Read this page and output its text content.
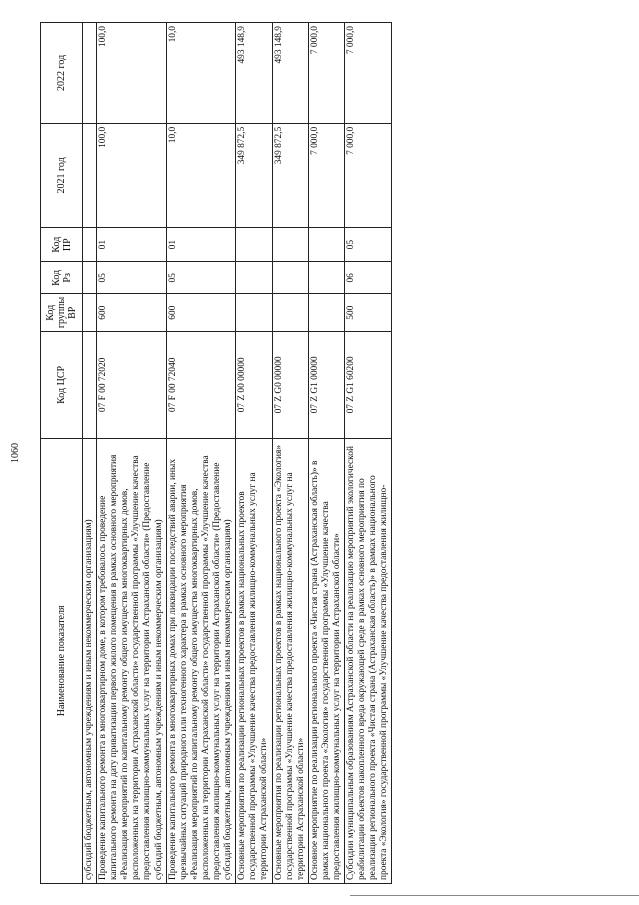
1060
Наименование показателя	Код ЦСР	Код группы ВР	Код Рз	Код ПР	2021 год	2022 год
субсидий бюджетным, автономным учреждениям и иным некоммерческим организациям)						
Проведение капитального ремонта в многоквартирном доме, в котором требовалось проведение капитального ремонта на дату приватизации первого жилого помещения в рамках основного мероприятия «Реализация мероприятий по капитальному ремонту общего имущества многоквартирных домов, расположенных на территории Астраханской области» государственной программы «Улучшение качества предоставления жилищно-коммунальных услуг на территории Астраханской области» (Предоставление субсидий бюджетным, автономным учреждениям и иным некоммерческим организациям)	07 F 00 72020	600	05	01	100,0	100,0
Проведение капитального ремонта в многоквартирных домах при ликвидации последствий аварии, иных чрезвычайных ситуаций природного или техногенного характера в рамках основного мероприятия «Реализация мероприятий по капитальному ремонту общего имущества многоквартирных домов, расположенных на территории Астраханской области» государственной программы «Улучшение качества предоставления жилищно-коммунальных услуг на территории Астраханской области» (Предоставление субсидий бюджетным, автономным учреждениям и иным некоммерческим организациям)	07 F 00 72040	600	05	01	10,0	10,0
Основные мероприятия по реализации региональных проектов в рамках национальных проектов государственной программы «Улучшение качества предоставления жилищно-коммунальных услуг на территории Астраханской области»	07 Z 00 00000				349 872,5	493 148,9
Основные мероприятия по реализации региональных проектов в рамках национального проекта «Экология» государственной программы «Улучшение качества предоставления жилищно-коммунальных услуг на территории Астраханской области»	07 Z G0 00000				349 872,5	493 148,9
Основное мероприятие по реализации регионального проекта «Чистая страна (Астраханская область)» в рамках национального проекта «Экология» государственной программы «Улучшение качества предоставления жилищно-коммунальных услуг на территории Астраханской области»	07 Z G1 00000				7 000,0	7 000,0
Субсидии муниципальным образованиям Астраханской области на реализацию мероприятий экологической реабилитации объектов накопленного вреда окружающей среде в рамках основного мероприятия по реализации регионального проекта «Чистая страна (Астраханская область)» в рамках национального проекта «Экология» государственной программы «Улучшение качества предоставления жилищно-	07 Z G1 60200	500	06	05	7 000,0	7 000,0
